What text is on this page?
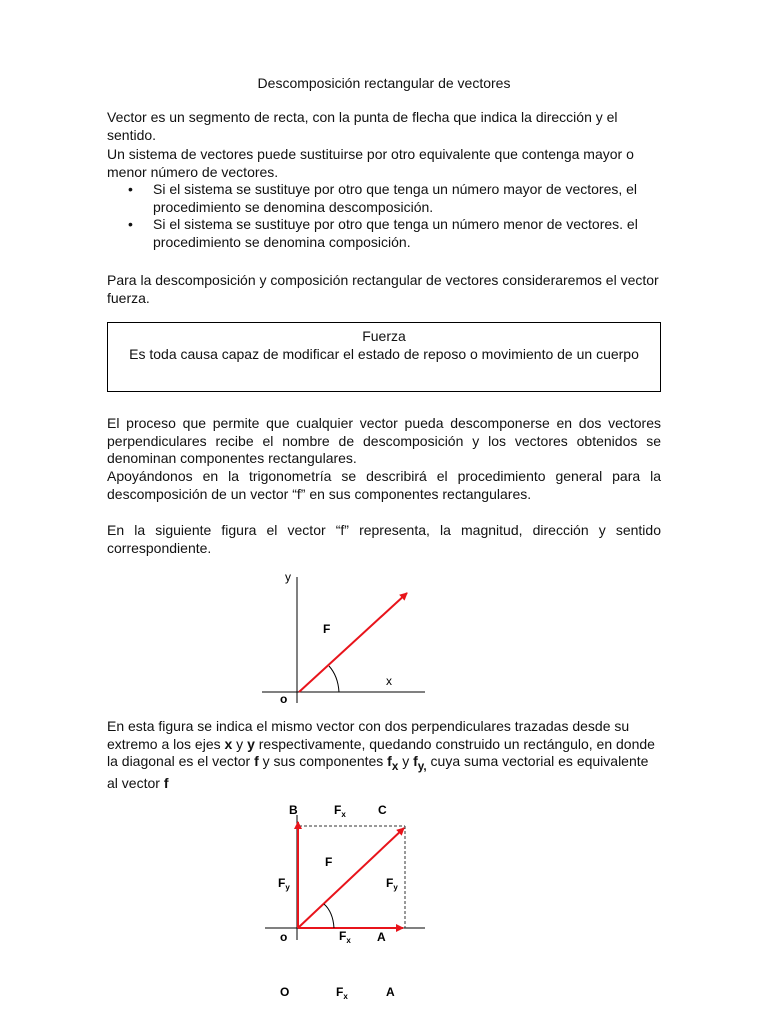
Descomposición rectangular de vectores

Vector es un segmento de recta, con la punta de flecha que indica la dirección y el sentido.

Un sistema de vectores puede sustituirse por otro equivalente que contenga mayor o menor número de vectores.

• Si el sistema se sustituye por otro que tenga un número mayor de vectores, el procedimiento se denomina descomposición.
• Si el sistema se sustituye por otro que tenga un número menor de vectores. el procedimiento se denomina composición.

Para la descomposición y composición rectangular de vectores consideraremos el vector fuerza.

Fuerza
Es toda causa capaz de modificar el estado de reposo o movimiento de un cuerpo

El proceso que permite que cualquier vector pueda descomponerse en dos vectores perpendiculares recibe el nombre de descomposición y los vectores obtenidos se denominan componentes rectangulares.

Apoyándonos en la trigonometría se describirá el procedimiento general para la descomposición de un vector “f” en sus componentes rectangulares.

En la siguiente figura el vector “f” representa, la magnitud, dirección y sentido correspondiente.

En esta figura se indica el mismo vector con dos perpendiculares trazadas desde su extremo a los ejes x y y respectivamente, quedando construido un rectángulo, en donde la diagonal es el vector f y sus componentes $f_x$ y $f_{y,}$ cuya suma vectorial es equivalente al vector f

y
F
x
o
B	$F_x$	C
F
$F_y$	$F_y$
o	$F_x$ A
O	$F_x$	A
